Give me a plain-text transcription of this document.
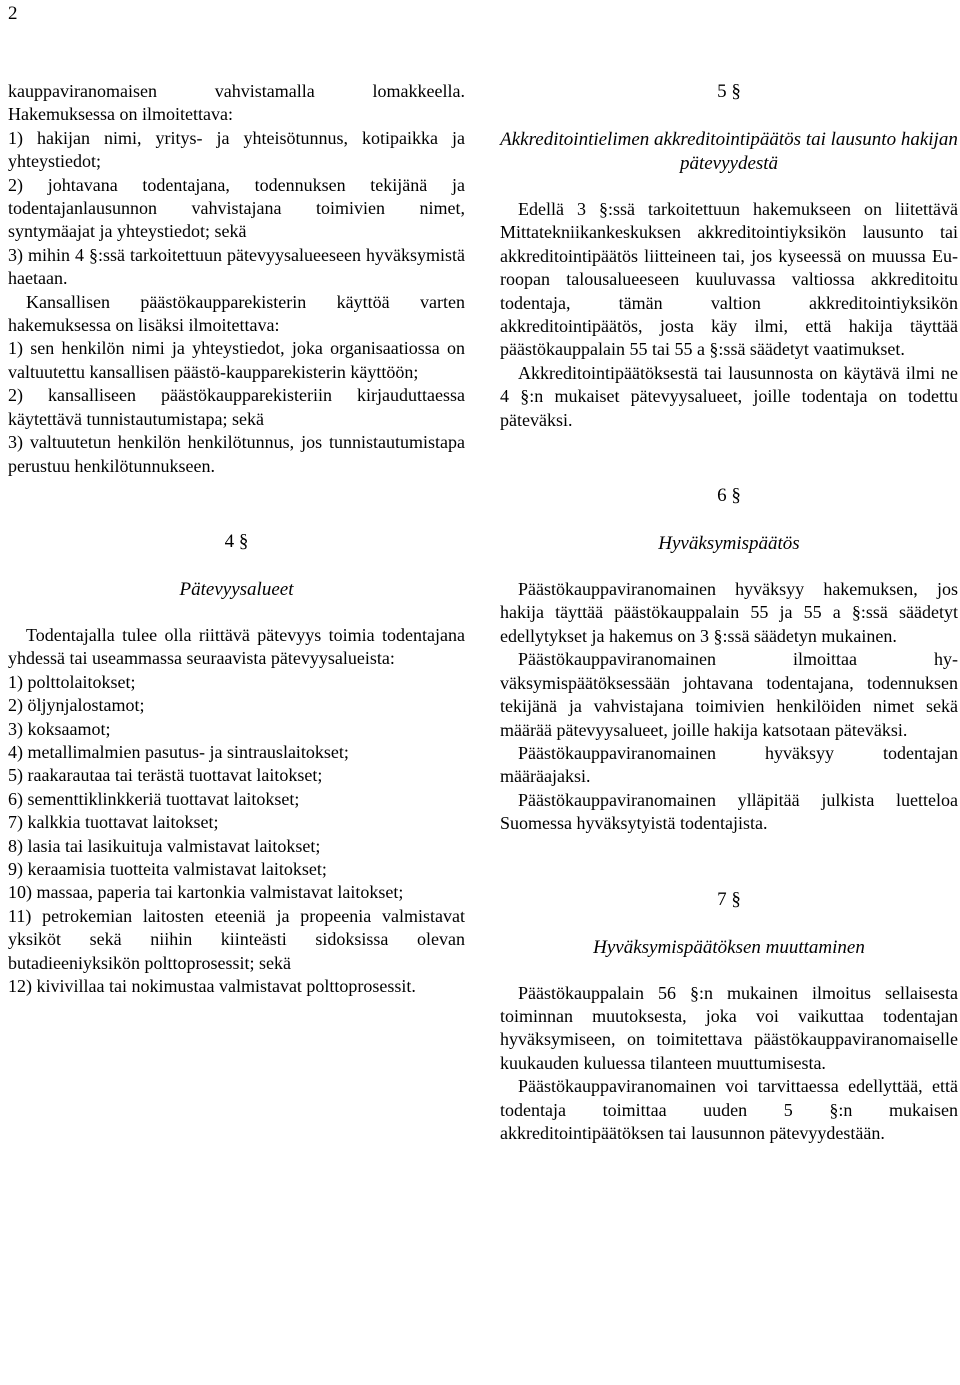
2

kauppaviranomaisen vahvistamalla lomakkeella. Hakemuksessa on ilmoitettava:

1) hakijan nimi, yritys- ja yhteisötunnus, kotipaikka ja yhteystiedot;

2) johtavana todentajana, todennuksen tekijänä ja todentajanlausunnon vahvistajana toimivien nimet, syntymäajat ja yhteystiedot; sekä

3) mihin 4 §:ssä tarkoitettuun pätevyysalueeseen hyväksymistä haetaan.

Kansallisen päästökaupparekisterin käyttöä varten hakemuksessa on lisäksi ilmoitettava:

1) sen henkilön nimi ja yhteystiedot, joka organisaatiossa on valtuutettu kansallisen päästö-kaupparekisterin käyttöön;

2) kansalliseen päästökaupparekisteriin kirjauduttaessa käytettävä tunnistautumistapa; sekä

3) valtuutetun henkilön henkilötunnus, jos tunnistautumistapa perustuu henkilötunnukseen.

4 §
Pätevyysalueet

Todentajalla tulee olla riittävä pätevyys toimia todentajana yhdessä tai useammassa seuraavista pätevyysalueista:

1) polttolaitokset;

2) öljynjalostamot;

3) koksaamot;

4) metallimalmien pasutus- ja sintrauslaitokset;

5) raakarautaa tai terästä tuottavat laitokset;

6) sementtiklinkkeriä tuottavat laitokset;

7) kalkkia tuottavat laitokset;

8) lasia tai lasikuituja valmistavat laitokset;

9) keraamisia tuotteita valmistavat laitokset;

10) massaa, paperia tai kartonkia valmistavat laitokset;

11) petrokemian laitosten eteeniä ja propeenia valmistavat yksiköt sekä niihin kiinteästi sidoksissa olevan butadieeniyksikön polttoprosessit; sekä

12) kivivillaa tai nokimustaa valmistavat polttoprosessit.

5 §
Akkreditointielimen akkreditointipäätös tai lausunto hakijan pätevyydestä

Edellä 3 §:ssä tarkoitettuun hakemukseen on liitettävä Mittatekniikankeskuksen akkreditointiyksikön lausunto tai akkreditointipäätös liitteineen tai, jos kyseessä on muussa Euroopan talousalueeseen kuuluvassa valtiossa akkreditoitu todentaja, tämän valtion akkreditointiyksikön akkreditointipäätös, josta käy ilmi, että hakija täyttää päästökauppalain 55 tai 55 a §:ssä säädetyt vaatimukset.

Akkreditointipäätöksestä tai lausunnosta on käytävä ilmi ne 4 §:n mukaiset pätevyysalueet, joille todentaja on todettu päteväksi.

6 §
Hyväksymispäätös

Päästökauppaviranomainen hyväksyy hakemuksen, jos hakija täyttää päästökauppalain 55 ja 55 a §:ssä säädetyt edellytykset ja hakemus on 3 §:ssä säädetyn mukainen.

Päästökauppaviranomainen ilmoittaa hyväksymispäätöksessään johtavana todentajana, todennuksen tekijänä ja vahvistajana toimivien henkilöiden nimet sekä määrää pätevyysalueet, joille hakija katsotaan päteväksi.

Päästökauppaviranomainen hyväksyy todentajan määräajaksi.

Päästökauppaviranomainen ylläpitää julkista luetteloa Suomessa hyväksytyistä todentajista.

7 §
Hyväksymispäätöksen muuttaminen

Päästökauppalain 56 §:n mukainen ilmoitus sellaisesta toiminnan muutoksesta, joka voi vaikuttaa todentajan hyväksymiseen, on toimitettava päästökauppaviranomaiselle kuukauden kuluessa tilanteen muuttumisesta.

Päästökauppaviranomainen voi tarvittaessa edellyttää, että todentaja toimittaa uuden 5 §:n mukaisen akkreditointipäätöksen tai lausunnon pätevyydestään.
